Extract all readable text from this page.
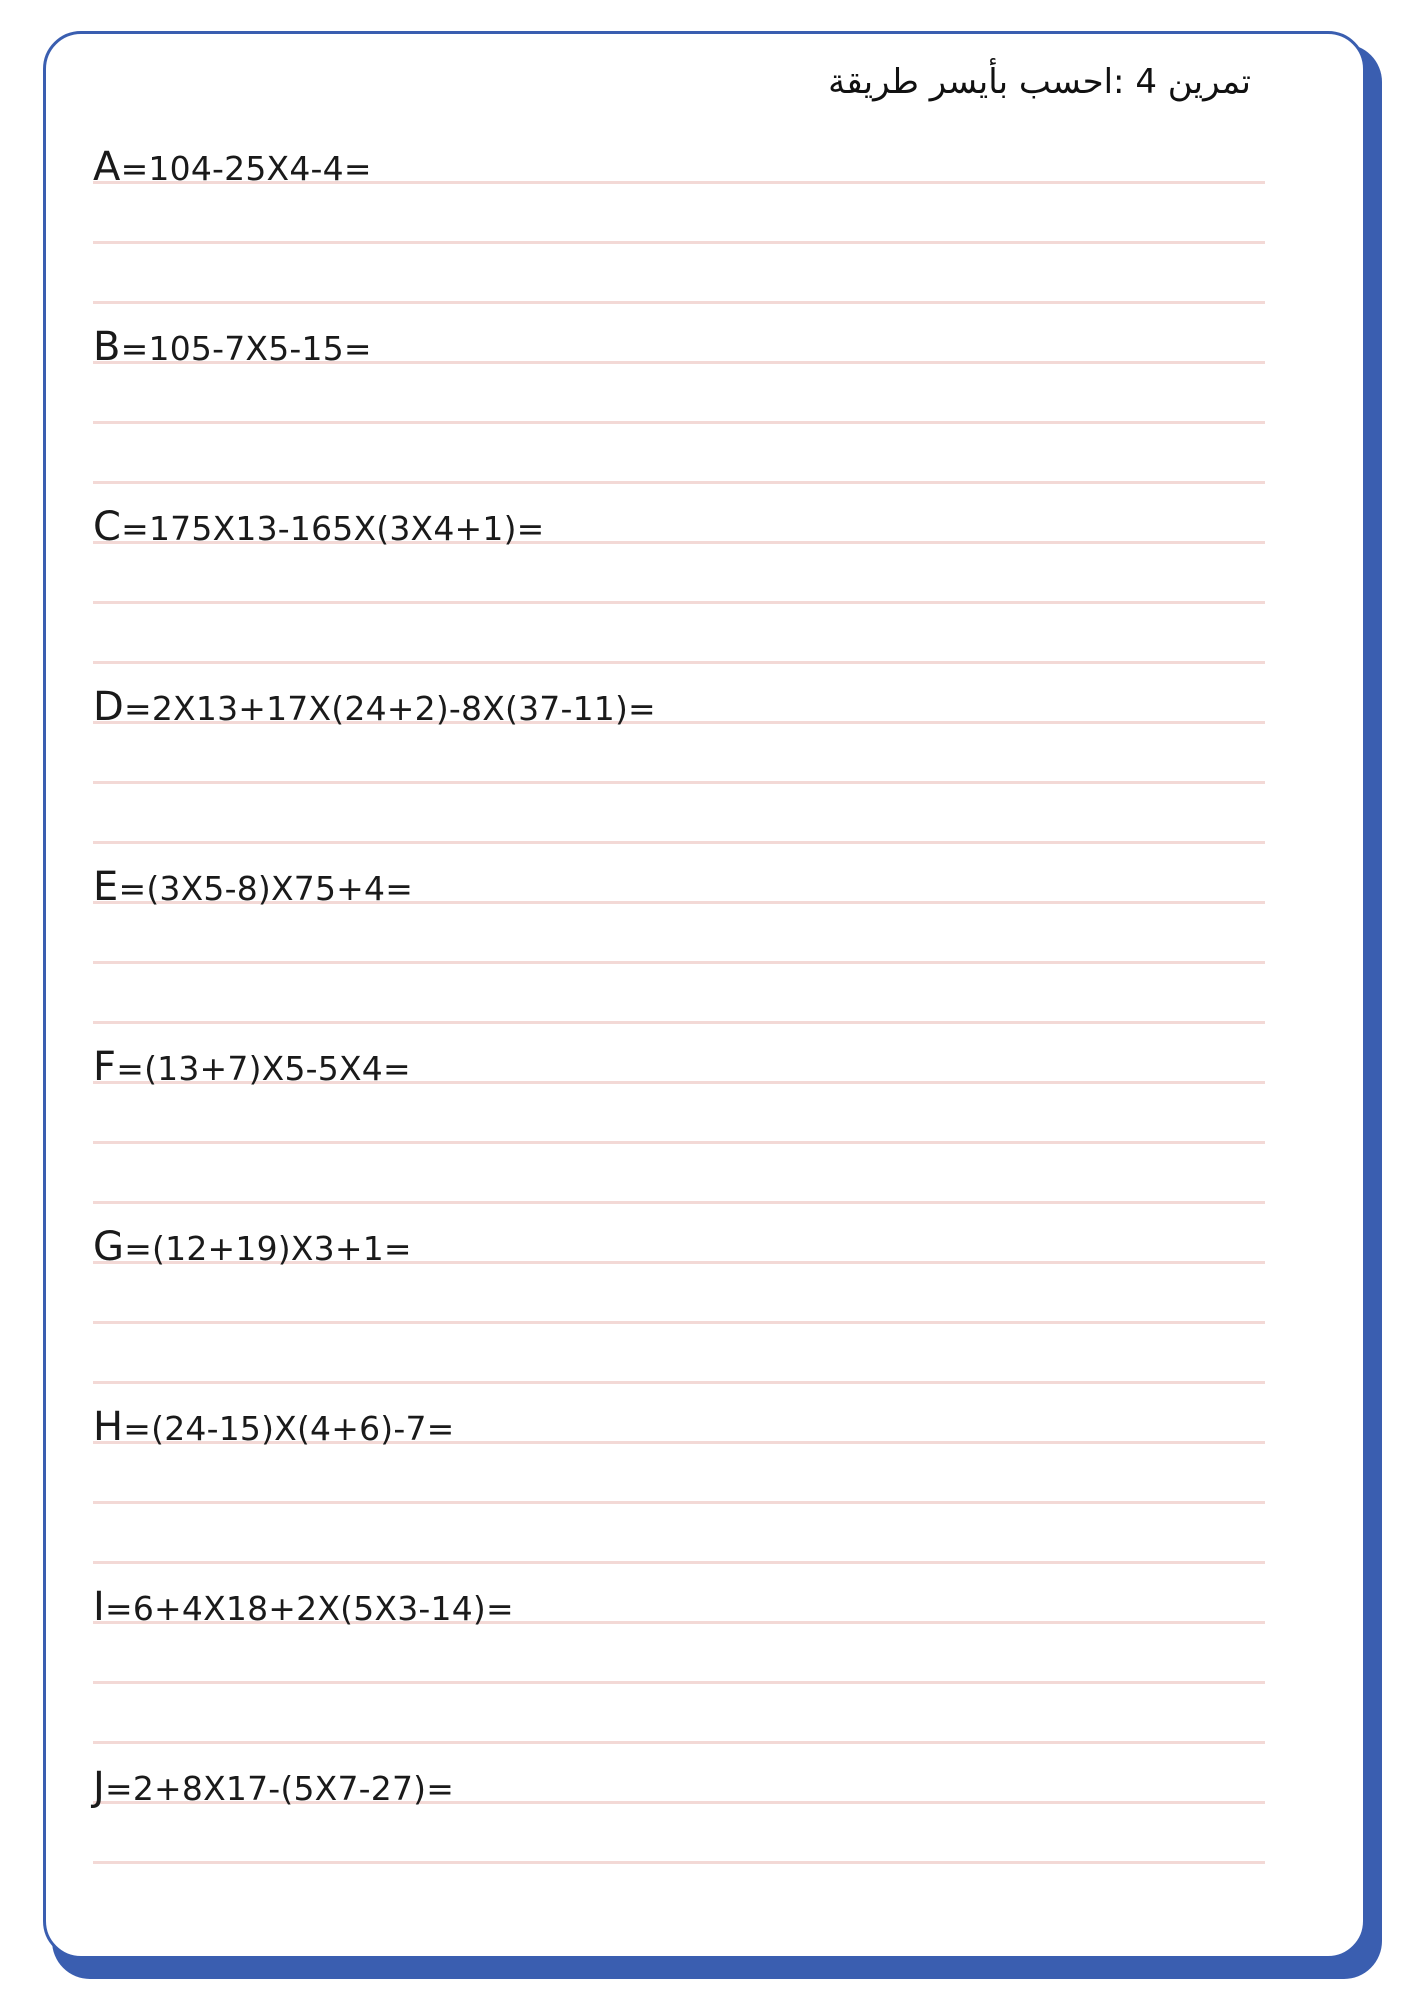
تمرين 4 :احسب بأيسر طريقة
A=104-25X4-4=
B=105-7X5-15=
C=175X13-165X(3X4+1)=
D=2X13+17X(24+2)-8X(37-11)=
E=(3X5-8)X75+4=
F=(13+7)X5-5X4=
G=(12+19)X3+1=
H=(24-15)X(4+6)-7=
I=6+4X18+2X(5X3-14)=
J=2+8X17-(5X7-27)=
